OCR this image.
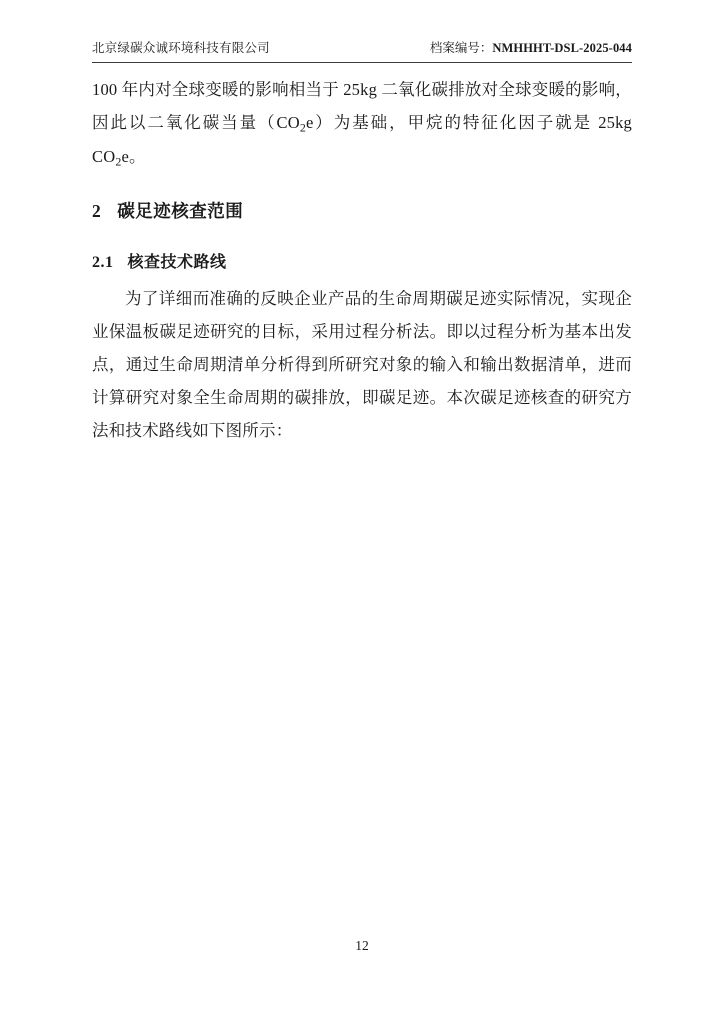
北京绿碳众诚环境科技有限公司	档案编号：NMHHHT-DSL-2025-044

100 年内对全球变暖的影响相当于 25kg 二氧化碳排放对全球变暖的影响，因此以二氧化碳当量$(CO_2e)$为基础，甲烷的特征化因子就是 25kg $CO_2e$。

2 碳足迹核查范围
2.1 核查技术路线

为了详细而准确的反映企业产品的生命周期碳足迹实际情况，实现企业保温板碳足迹研究的目标，采用过程分析法。即以过程分析为基本出发点，通过生命周期清单分析得到所研究对象的输入和输出数据清单，进而计算研究对象全生命周期的碳排放，即碳足迹。本次碳足迹核查的研究方法和技术路线如下图所示：

12
